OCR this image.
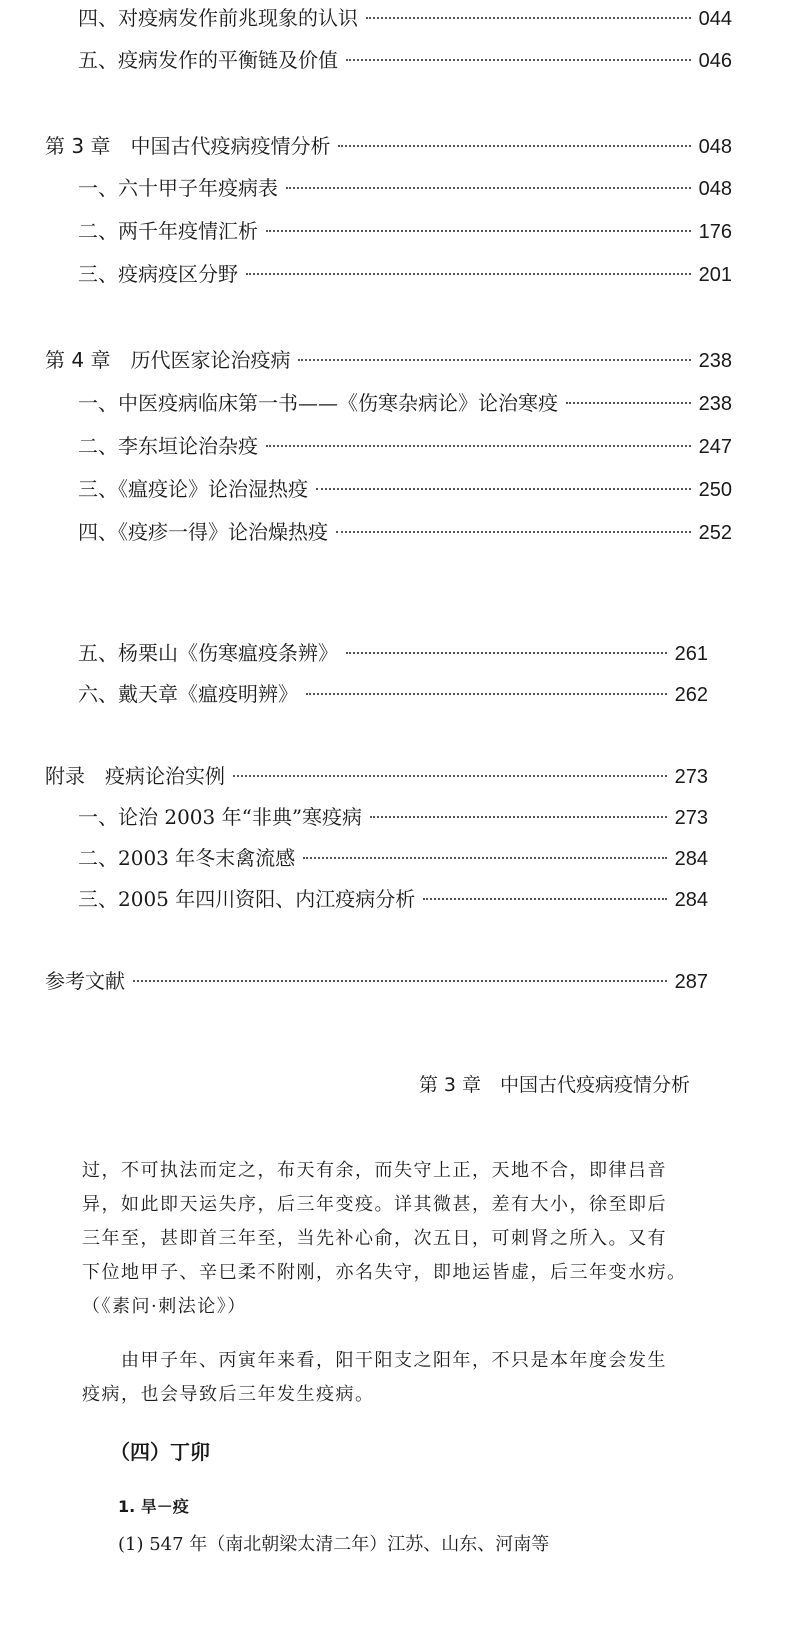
四、对疫病发作前兆现象的认识	044
五、疫病发作的平衡链及价值	046
第 3 章　中国古代疫病疫情分析	048
一、六十甲子年疫病表	048
二、两千年疫情汇析	176
三、疫病疫区分野	201
第 4 章　历代医家论治疫病	238
一、中医疫病临床第一书——《伤寒杂病论》论治寒疫	238
二、李东垣论治杂疫	247
三、《瘟疫论》论治湿热疫	250
四、《疫疹一得》论治燥热疫	252
五、杨栗山《伤寒瘟疫条辨》	261
六、戴天章《瘟疫明辨》	262
附录　疫病论治实例	273
一、论治 2003 年“非典”寒疫病	273
二、2003 年冬末禽流感	284
三、2005 年四川资阳、内江疫病分析	284
参考文献	287
第 3 章　中国古代疫病疫情分析
过，不可执法而定之，布天有余，而失守上正，天地不合，即律吕音
异，如此即天运失序，后三年变疫。详其微甚，差有大小，徐至即后
三年至，甚即首三年至，当先补心俞，次五日，可刺肾之所入。又有
下位地甲子、辛巳柔不附刚，亦名失守，即地运皆虚，后三年变水疠。
（《素问·刺法论》）
　　由甲子年、丙寅年来看，阳干阳支之阳年，不只是本年度会发生
疫病，也会导致后三年发生疫病。
（四）丁卯
1. 旱－疫
(1) 547 年（南北朝梁太清二年）江苏、山东、河南等
